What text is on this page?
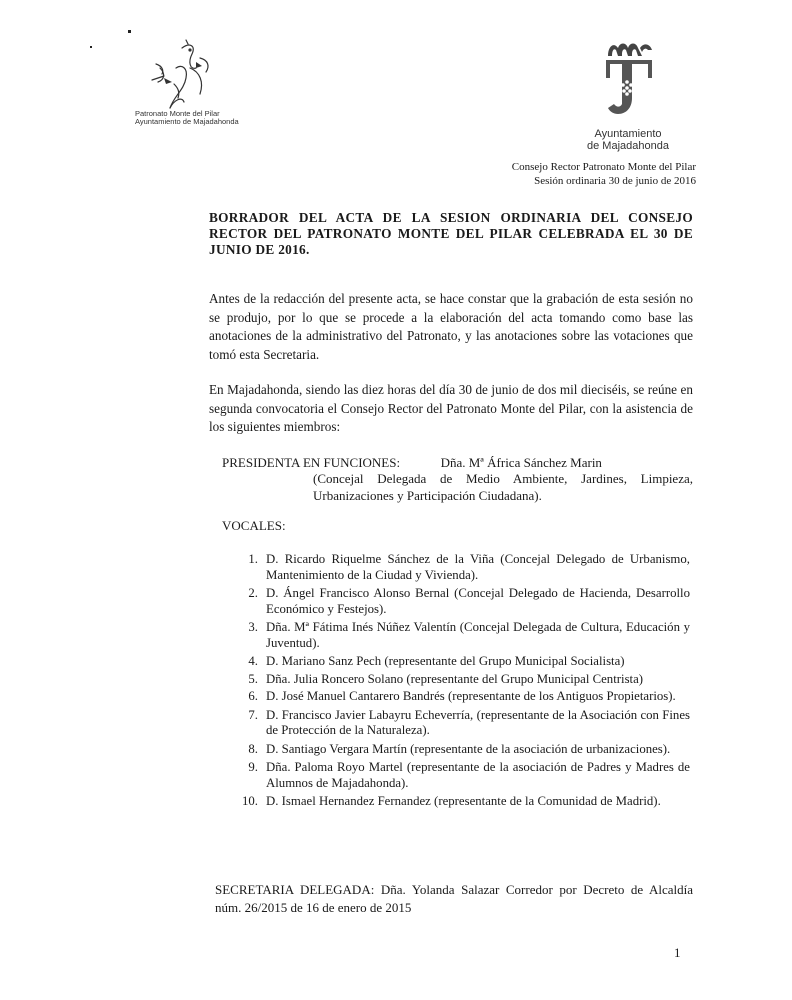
Patronato Monte del Pilar
Ayuntamiento de Majadahonda
Ayuntamiento
de Majadahonda
Consejo Rector Patronato Monte del Pilar
Sesión ordinaria 30 de junio de 2016
BORRADOR DEL ACTA DE LA SESION ORDINARIA DEL CONSEJO RECTOR DEL PATRONATO MONTE DEL PILAR CELEBRADA EL 30 DE JUNIO DE 2016.
Antes de la redacción del presente acta, se hace constar que la grabación de esta sesión no se produjo, por lo que se procede a la elaboración del acta tomando como base las anotaciones de la administrativo del Patronato, y las anotaciones sobre las votaciones que tomó esta Secretaria.
En Majadahonda, siendo las diez horas del día 30 de junio de dos mil dieciséis, se reúne en segunda convocatoria el Consejo Rector del Patronato Monte del Pilar, con la asistencia de los siguientes miembros:
PRESIDENTA EN FUNCIONES:	Dña. Mª África Sánchez Marin
(Concejal Delegada de Medio Ambiente, Jardines, Limpieza, Urbanizaciones y Participación Ciudadana).
VOCALES:
1. D. Ricardo Riquelme Sánchez de la Viña (Concejal Delegado de Urbanismo, Mantenimiento de la Ciudad y Vivienda).
2. D. Ángel Francisco Alonso Bernal (Concejal Delegado de Hacienda, Desarrollo Económico y Festejos).
3. Dña. Mª Fátima Inés Núñez Valentín (Concejal Delegada de Cultura, Educación y Juventud).
4. D. Mariano Sanz Pech (representante del Grupo Municipal Socialista)
5. Dña. Julia Roncero Solano (representante del Grupo Municipal Centrista)
6. D. José Manuel Cantarero Bandrés (representante de los Antiguos Propietarios).
7. D. Francisco Javier Labayru Echeverría, (representante de la Asociación con Fines de Protección de la Naturaleza).
8. D. Santiago Vergara Martín (representante de la asociación de urbanizaciones).
9. Dña. Paloma Royo Martel (representante de la asociación de Padres y Madres de Alumnos de Majadahonda).
10. D. Ismael Hernandez Fernandez (representante de la Comunidad de Madrid).
SECRETARIA DELEGADA: Dña. Yolanda Salazar Corredor por Decreto de Alcaldía núm. 26/2015 de 16 de enero de 2015
1
